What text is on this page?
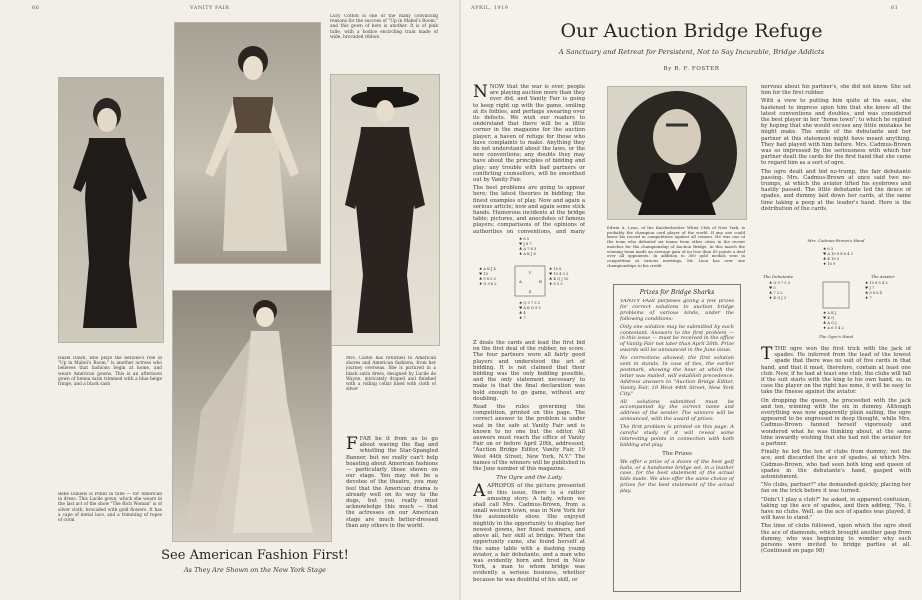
66	VANITY FAIR
Lucy Cotton is one of the many convincing reasons for the success of "Up in Mabel's Room," and this gown of hers is another. It is of pink tulle, with a bodice encircling train made of wide, brocaded ribbon
Hazel Dawn, who plays the heroine's role in "Up in Mabel's Room," is another actress who believes that fashions begin at home, and wears American gowns. This is an afternoon gown of henna satin trimmed with a blue beige fringe, and a black sash
Mrs. Castle has returned to American shores and American fashions, from her journey overseas. She is pictured in a black satin dress, designed by Lucile de Wayne, intricately draped and finished with a rolling collar lined with cloth of silver
Bebe Daniels is Pohlit in tulle — for American in dress. This Lucile gown, which she wears in the last act of the show "The Rich Woman" is of silver cloth, brocaded with gold flowers. It has a cape of metal lace, and a trimming of ropes of coral
FFAR be it from us to go about waving the flag and whistling the Star-Spangled Banner, but we really can't help boasting about American fashions — particularly those shown on our stage. You may not be a devotee of the theatre, you may feel that the American drama is already well on its way to the dogs, but you really must acknowledge this much — that the actresses on our American stage are much better-dressed than any others in the world.
See American Fashion First!
As They Are Shown on the New York Stage
APRIL, 1919	61
Our Auction Bridge Refuge
A Sanctuary and Retreat for Persistent, Not to Say Incurable, Bridge Addicts
By R. F. FOSTER

NNOW that the war is over, people are playing auction more than they ever did, and Vanity Fair is going to keep right up with the game, smiling at its foibles, and perhaps swearing over its defects. We wish our readers to understand that there will be a little corner in the magazine for the auction player; a haven of refuge for those who have complaints to make. Anything they do not understand about the laws, or the new conventions; any doubts they may have about the principles of bidding and play; any trouble with bad partners or conflicting counsellors, will be smoothed out by Vanity Fair.

The best problems are going to appear here; the latest theories in bidding; the finest examples of play. Now and again a serious article; now and again some stick hands. Humorous incidents at the bridge table; pictures, and anecdotes of famous players; comparisons of the opinions of authorities on conventions, and many

Y
A	B
Z
♠ 6 5
♥ J 8 7
♣ A 7 6 3
♦ A K J 6
♠ A K J 4
♥ 10
♣ 9 8 5 2
♦ Q 9 6 2
♠ 10 8
♥ 10 4 3 3
♣ K Q J 10
♦ 8 5 3
♠ Q 9 7 3 2
♥ A K Q 9 5
♣ 4
♦ 7

Z deals the cards and lead the first bid on the first deal of the rubber, no score. The four partners were all fairly good players and understood the art of bidding. It is not claimed that their bidding was the only bidding possible, and the only statement necessary to make is that the final declaration was bold enough to go game, without any doubling.

Read the rules governing the competition, printed on this page. The correct answer to the problem is under seal in the safe at Vanity Fair and is known to no one but the editor. All answers must reach the office of Vanity Fair on or before April 20th, addressed, "Auction Bridge Editor, Vanity Fair, 19 West 44th Street, New York, N.Y." The names of the winners will be published in the June number of this magazine.

The Ogre and the Lady

AAPROPOS of the picture presented in this issue, there is a rather amusing story. A lady, whom we shall call Mrs. Cadmus-Brown, from a small western town, was in New York for the automobile show. She enjoyed mightily in the opportunity to display her newest gowns, her finest manners, and above all, her skill at bridge. When the opportunity came, she found herself at the same table with a dashing young aviator, a fair debutante, and a man who was evidently born and bred in New York, a man to whom bridge was evidently a serious business, whether because he was doubtful of his skill, or

Edwin A. Leon, of the Knickerbocker Whist Club of New York, is probably the champion card player of the world. If any one could know his record in competitions against all comers. He was one of the team who defeated six teams from other cities in the recent matches for the championship of Auction Bridge. In this match the winning team made an average gain of no less than 85 points a deal over all opponents. In addition to 300 gold medals won in competition at various meetings, Mr. Leon has over one championships to his credit
Prizes for Bridge Sharks

VANITY FAIR purposes giving a few prizes for correct solutions to auction bridge problems of various kinds, under the following conditions:

Only one solution may be submitted by each contestant. Answers to the first problem — in this issue — must be received in the office of Vanity Fair not later than April 20th. Prize awards will be announced in the June issue.

No corrections allowed; the first solution sent in stands. In case of ties, the earlier postmark, showing the hour at which the letter was mailed, will establish precedence. Address answers to "Auction Bridge Editor, Vanity Fair, 19 West 44th Street, New York City."

All solutions submitted must be accompanied by the correct name and address of the sender. The winners will be announced, with the award of prizes.

The first problem is printed on this page. A careful study of it will reveal some interesting points in connection with both bidding and play.

The Prizes

We offer a prize of a dozen of the best golf balls, or a handsome bridge set, in a leather case, for the best statement of the actual bids made. We also offer the same choice of prizes for the best statement of the actual play.

nervous about his partner's, she did not know. She set him for the first rubber.

With a view to putting him quite at his ease, she hastened to impress upon him that she knew all the latest conventions and doubles, and was considered the best player in her "home town"; to which he replied by hoping that she would excuse any little mistakes he might make. The smile of the debutante and her partner at this statement might have meant anything. They had played with him before. Mrs. Cadmus-Brown was so impressed by the seriousness with which her partner dealt the cards for the first hand that she came to regard him as a sort of ogre.

The ogre dealt and bid no-trump, the fair debutante passing. Mrs. Cadmus-Brown at once said two no-trumps, at which the aviator lifted his eyebrows and hastily passed. The little debutante led the deuce of spades, and dummy laid down her cards, at the same time taking a peep at the leader's hand. Here is the distribution of the cards.

Mrs. Cadmus-Brown's Hand
The Debutante	The Aviator
The Ogre's Hand
♠ 6 3
♥ A 10 9 8 6 4 3
♣ K 10 5
♦ 10 9
♠ Q 9 7 5 3
♥ 5
♣ 7 3 2
♦ K Q J 3
♠ 10 8 5 4 2
♥ J 7
♣ 9 8 6 4
♦ 7
♠ A K J
♥ K Q
♣ A Q J
♦ A 6 5 4 2

TTHE ogre won the first trick with the jack of spades. He inferred from the lead of the lowest spade that there was no suit of five cards in that hand, and that it must, therefore, contain at least one club. Now, if he had at least one club, the clubs will fall if the suit starts with the king to his own hand, so, in case the player on the right has none, it will be easy to take the finesse against the aviator.

On dropping the queen, he proceeded with the jack and ten, winning with the six in dummy. Although everything was now apparently plain sailing, the ogre appeared to be engrossed in deep thought, while Mrs. Cadmus-Brown fanned herself vigorously and wondered what he was thinking about, at the same time inwardly wishing that she had not the aviator for a partner.

Finally he led the ten of clubs from dummy; not the ace, and discarded the ace of spades, at which Mrs. Cadmus-Brown, who had seen both king and queen of spades in the debutante's hand, gasped with astonishment.

"No clubs, partner?" she demanded quickly, placing her fan on the trick before it was turned.

"Didn't I play a club?" he asked, in apparent confusion, taking up the ace of spades, and then adding, "No, I have no clubs. Well, as the ace of spades was played, it will have to stand."

The time of clubs followed, upon which the ogre shed the ace of diamonds, which brought another gasp from dummy, who was beginning to wonder why such persons were invited to bridge parties at all. (Continued on page 98)
